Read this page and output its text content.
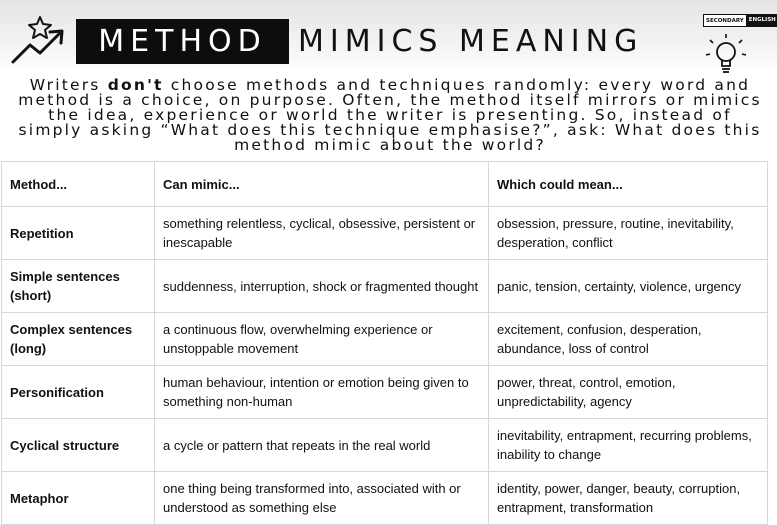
METHOD	MIMICS MEANING
SECONDARY ENGLISH
Writers don't choose methods and techniques randomly: every word and method is a choice, on purpose. Often, the method itself mirrors or mimics the idea, experience or world the writer is presenting. So, instead of simply asking “What does this technique emphasise?”, ask: What does this method mimic about the world?
Method...	Can mimic...	Which could mean...
Repetition	something relentless, cyclical, obsessive, persistent or inescapable	obsession, pressure, routine, inevitability, desperation, conflict
Simple sentences (short)	suddenness, interruption, shock or fragmented thought	panic, tension, certainty, violence, urgency
Complex sentences (long)	a continuous flow, overwhelming experience or unstoppable movement	excitement, confusion, desperation, abundance, loss of control
Personification	human behaviour, intention or emotion being given to something non-human	power, threat, control, emotion, unpredictability, agency
Cyclical structure	a cycle or pattern that repeats in the real world	inevitability, entrapment, recurring problems, inability to change
Metaphor	one thing being transformed into, associated with or understood as something else	identity, power, danger, beauty, corruption, entrapment, transformation
